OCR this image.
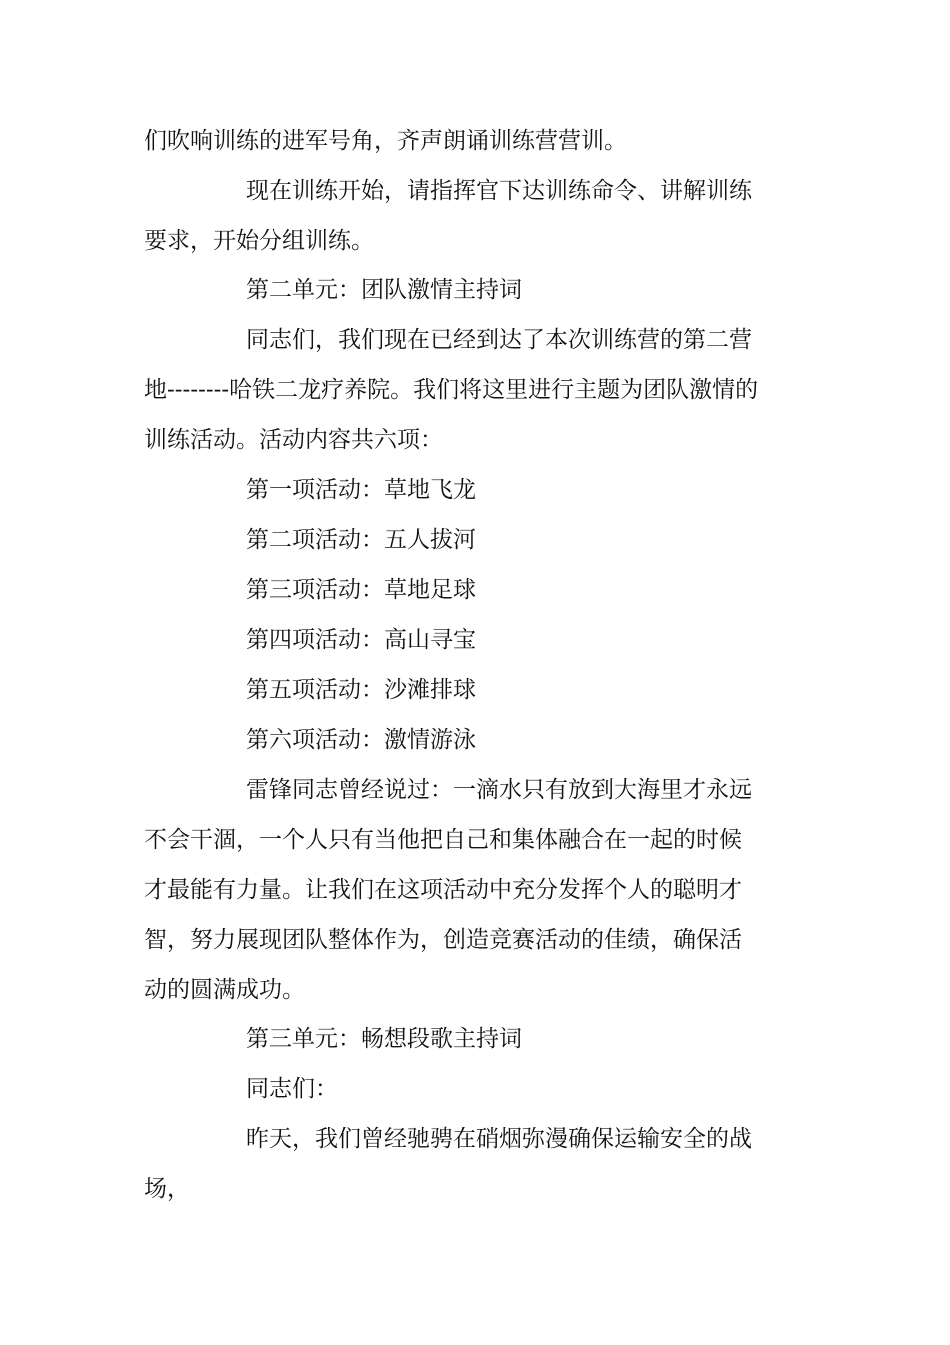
们吹响训练的进军号角，齐声朗诵训练营营训。

现在训练开始，请指挥官下达训练命令、讲解训练

要求，开始分组训练。

第二单元：团队激情主持词

同志们，我们现在已经到达了本次训练营的第二营

地--------哈铁二龙疗养院。我们将这里进行主题为团队激情的

训练活动。活动内容共六项：

第一项活动：草地飞龙

第二项活动：五人拔河

第三项活动：草地足球

第四项活动：高山寻宝

第五项活动：沙滩排球

第六项活动：激情游泳

雷锋同志曾经说过：一滴水只有放到大海里才永远

不会干涸，一个人只有当他把自己和集体融合在一起的时候

才最能有力量。让我们在这项活动中充分发挥个人的聪明才

智，努力展现团队整体作为，创造竞赛活动的佳绩，确保活

动的圆满成功。

第三单元：畅想段歌主持词

同志们：

昨天，我们曾经驰骋在硝烟弥漫确保运输安全的战

场，
